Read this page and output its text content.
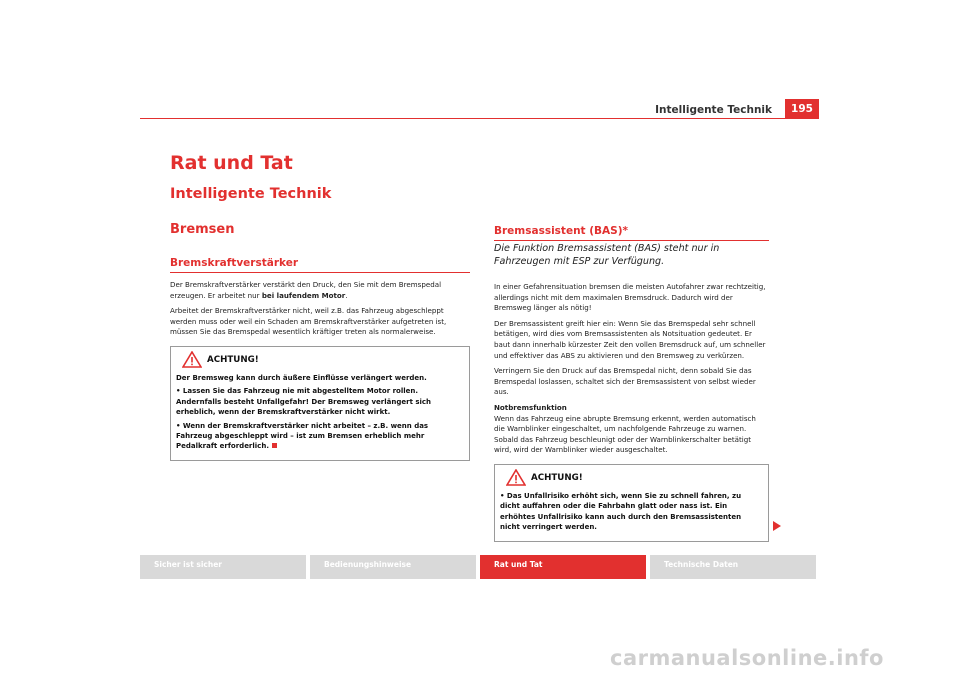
Intelligente Technik	195
Rat und Tat
Intelligente Technik
Bremsen
Bremskraftverstärker

Der Bremskraftverstärker verstärkt den Druck, den Sie mit dem Bremspedal erzeugen. Er arbeitet nur bei laufendem Motor.

Arbeitet der Bremskraftverstärker nicht, weil z.B. das Fahrzeug abgeschleppt werden muss oder weil ein Schaden am Bremskraftverstärker aufgetreten ist, müssen Sie das Bremspedal wesentlich kräftiger treten als normalerweise.

ACHTUNG!

Der Bremsweg kann durch äußere Einflüsse verlängert werden.

• Lassen Sie das Fahrzeug nie mit abgestelltem Motor rollen. Andernfalls besteht Unfallgefahr! Der Bremsweg verlängert sich erheblich, wenn der Bremskraftverstärker nicht wirkt.

• Wenn der Bremskraftverstärker nicht arbeitet – z.B. wenn das Fahrzeug abgeschleppt wird – ist zum Bremsen erheblich mehr Pedalkraft erforderlich.

Bremsassistent (BAS)*

Die Funktion Bremsassistent (BAS) steht nur in Fahrzeugen mit ESP zur Verfügung.

In einer Gefahrensituation bremsen die meisten Autofahrer zwar rechtzeitig, allerdings nicht mit dem maximalen Bremsdruck. Dadurch wird der Bremsweg länger als nötig!

Der Bremsassistent greift hier ein: Wenn Sie das Bremspedal sehr schnell betätigen, wird dies vom Bremsassistenten als Notsituation gedeutet. Er baut dann innerhalb kürzester Zeit den vollen Bremsdruck auf, um schneller und effektiver das ABS zu aktivieren und den Bremsweg zu verkürzen.

Verringern Sie den Druck auf das Bremspedal nicht, denn sobald Sie das Bremspedal loslassen, schaltet sich der Bremsassistent von selbst wieder aus.

Notbremsfunktion

Wenn das Fahrzeug eine abrupte Bremsung erkennt, werden automatisch die Warnblinker eingeschaltet, um nachfolgende Fahrzeuge zu warnen. Sobald das Fahrzeug beschleunigt oder der Warnblinkerschalter betätigt wird, wird der Warnblinker wieder ausgeschaltet.

ACHTUNG!

• Das Unfallrisiko erhöht sich, wenn Sie zu schnell fahren, zu dicht auffahren oder die Fahrbahn glatt oder nass ist. Ein erhöhtes Unfallrisiko kann auch durch den Bremsassistenten nicht verringert werden.

Sicher ist sicher	Bedienungshinweise	Rat und Tat	Technische Daten
carmanualsonline.info
